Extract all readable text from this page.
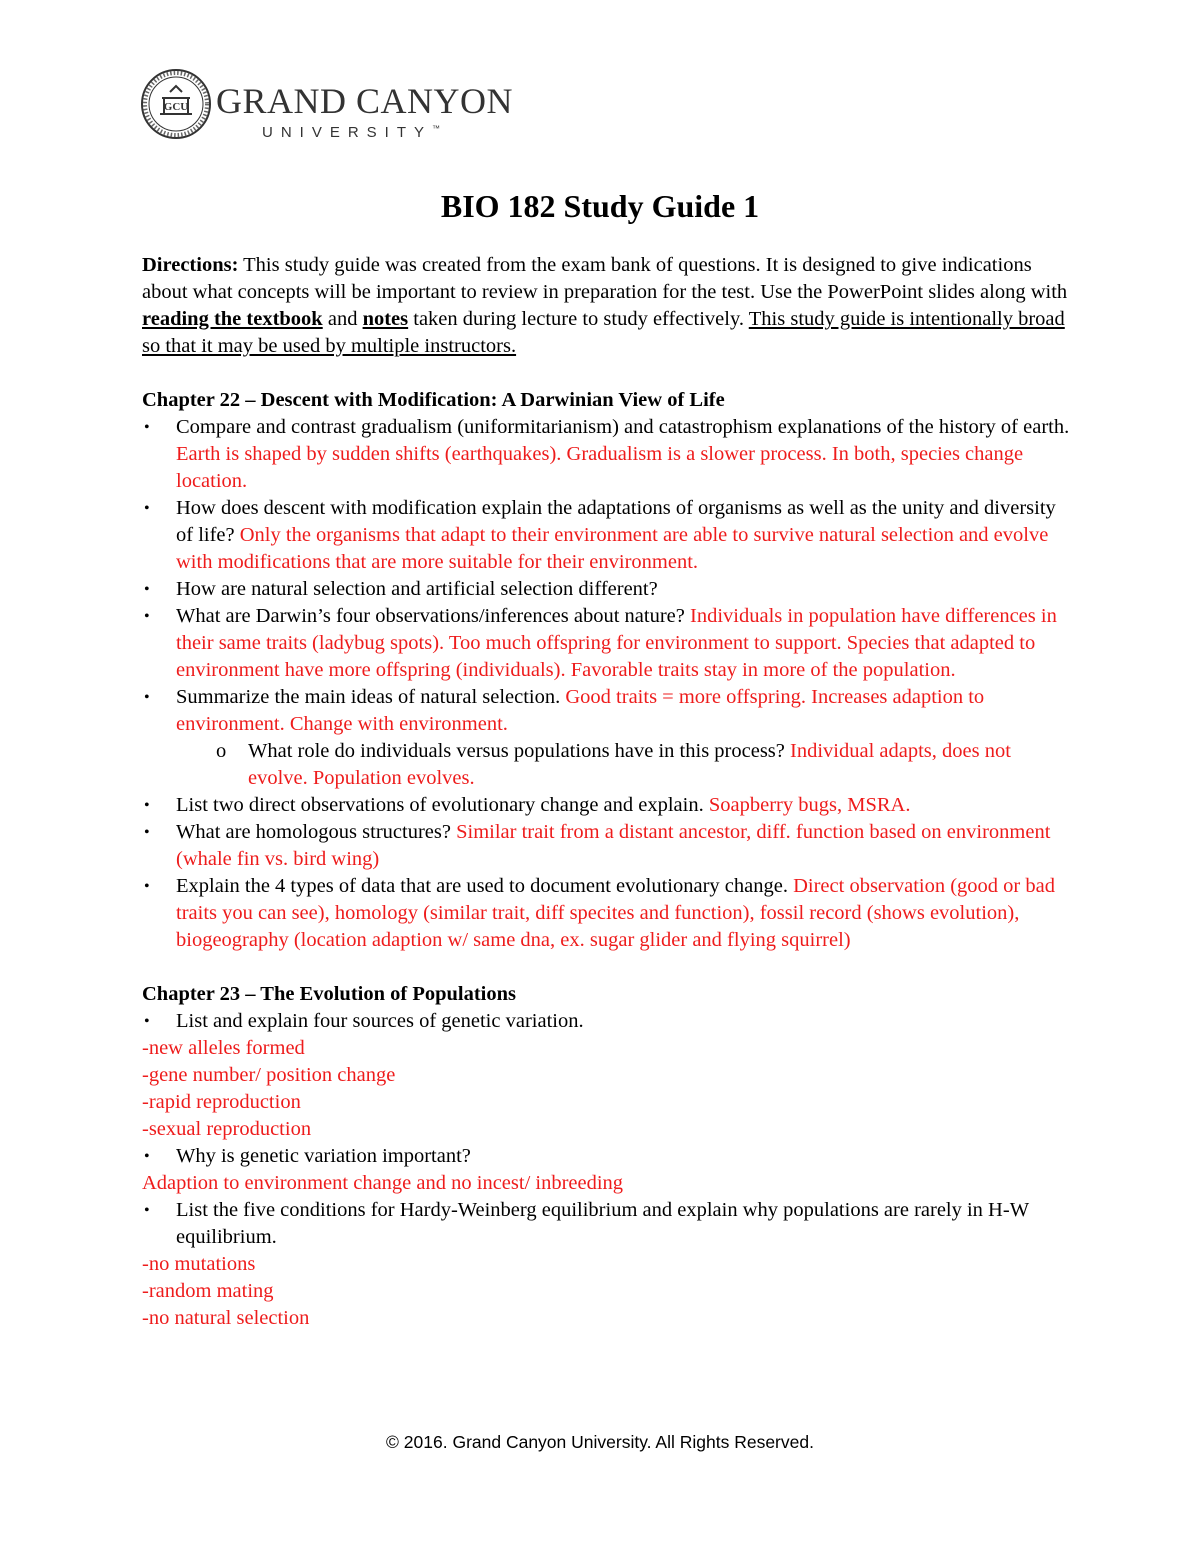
GCU GRAND CANYON
UNIVERSITY™
BIO 182 Study Guide 1

Directions: This study guide was created from the exam bank of questions. It is designed to give indications about what concepts will be important to review in preparation for the test. Use the PowerPoint slides along with reading the textbook and notes taken during lecture to study effectively. This study guide is intentionally broad so that it may be used by multiple instructors.

Chapter 22 – Descent with Modification: A Darwinian View of Life
• Compare and contrast gradualism (uniformitarianism) and catastrophism explanations of the history of earth. Earth is shaped by sudden shifts (earthquakes). Gradualism is a slower process. In both, species change location.
• How does descent with modification explain the adaptations of organisms as well as the unity and diversity of life? Only the organisms that adapt to their environment are able to survive natural selection and evolve with modifications that are more suitable for their environment.
• How are natural selection and artificial selection different?
• What are Darwin’s four observations/inferences about nature? Individuals in population have differences in their same traits (ladybug spots). Too much offspring for environment to support. Species that adapted to environment have more offspring (individuals). Favorable traits stay in more of the population.
• Summarize the main ideas of natural selection. Good traits = more offspring. Increases adaption to environment. Change with environment.
o What role do individuals versus populations have in this process? Individual adapts, does not evolve. Population evolves.
• List two direct observations of evolutionary change and explain. Soapberry bugs, MSRA.
• What are homologous structures? Similar trait from a distant ancestor, diff. function based on environment (whale fin vs. bird wing)
• Explain the 4 types of data that are used to document evolutionary change. Direct observation (good or bad traits you can see), homology (similar trait, diff specites and function), fossil record (shows evolution), biogeography (location adaption w/ same dna, ex. sugar glider and flying squirrel)
Chapter 23 – The Evolution of Populations
• List and explain four sources of genetic variation.

-new alleles formed

-gene number/ position change

-rapid reproduction

-sexual reproduction

• Why is genetic variation important?

Adaption to environment change and no incest/ inbreeding

• List the five conditions for Hardy-Weinberg equilibrium and explain why populations are rarely in H-W equilibrium.

-no mutations

-random mating

-no natural selection

© 2016. Grand Canyon University. All Rights Reserved.
